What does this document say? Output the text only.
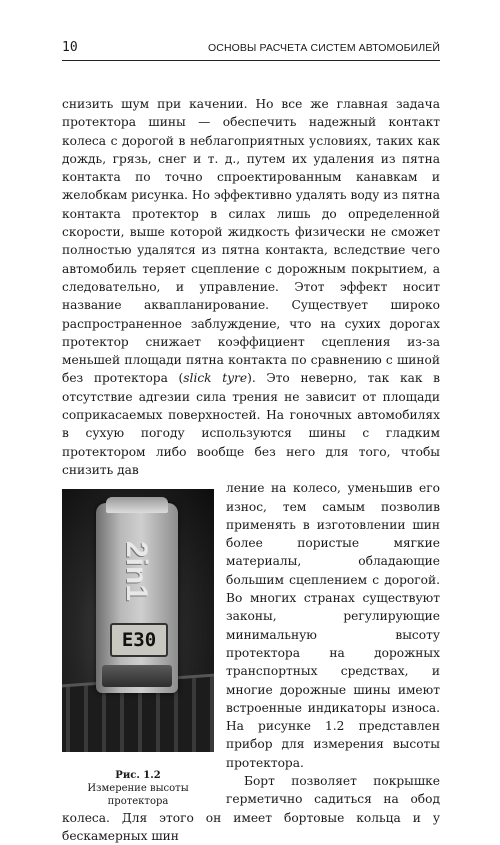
10	ОСНОВЫ РАСЧЕТА СИСТЕМ АВТОМОБИЛЕЙ

снизить шум при качении. Но все же главная задача протектора шины — обеспечить надежный контакт колеса с дорогой в неблагоприятных условиях, таких как дождь, грязь, снег и т. д., путем их удаления из пятна контакта по точно спроектированным канавкам и желобкам рисунка. Но эффективно удалять воду из пятна контакта протектор в силах лишь до определенной скорости, выше которой жидкость физически не сможет полностью удалятся из пятна контакта, вследствие чего автомобиль теряет сцепление с дорожным покрытием, а следовательно, и управление. Этот эффект носит название аквапланирование. Существует широко распространенное заблуждение, что на сухих дорогах протектор снижает коэффициент сцепления из-за меньшей площади пятна контакта по сравнению с шиной без протектора (slick tyre). Это неверно, так как в отсутствие адгезии сила трения не зависит от площади соприкасаемых поверхностей. На гоночных автомобилях в сухую погоду используются шины с гладким протектором либо вообще без него для того, чтобы снизить дав

2in1
E30
Рис. 1.2
Измерение высоты протектора
ление на колесо, уменьшив его износ, тем самым позволив применять в изготовлении шин более пористые мягкие материалы, обладающие большим сцеплением с дорогой. Во многих странах существуют законы, регулирующие минимальную высоту протектора на дорожных транспортных средствах, и многие дорожные шины имеют встроенные индикаторы износа. На рисунке 1.2 представлен прибор для измерения высоты протектора.

Борт позволяет покрышке герметично садиться на обод колеса. Для этого он имеет бортовые кольца и у бескамерных шин
